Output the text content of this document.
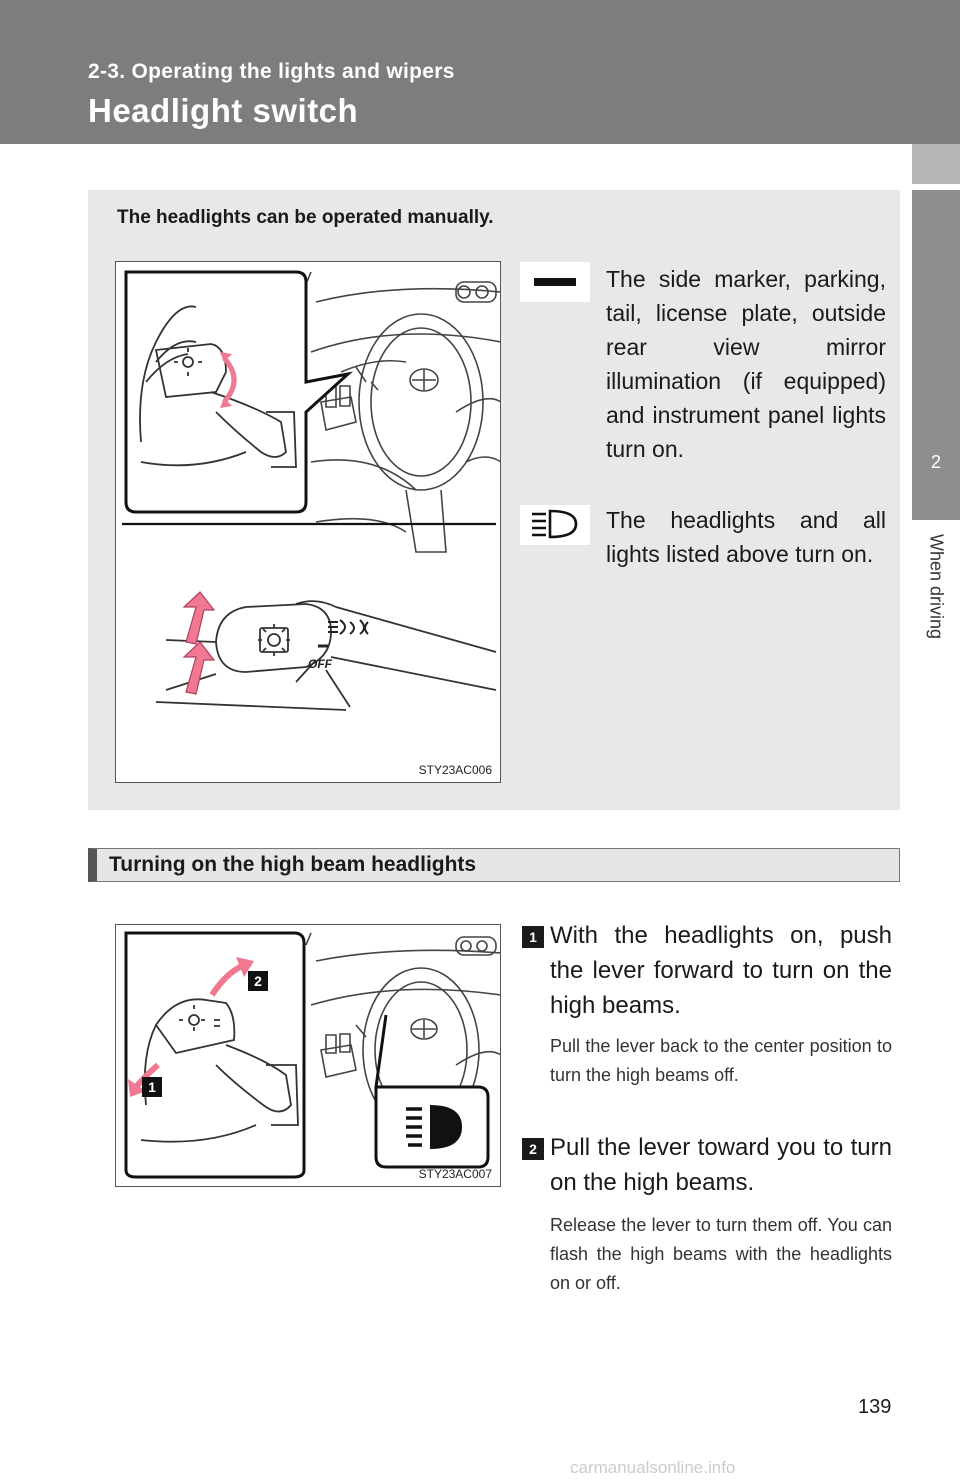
2-3. Operating the lights and wipers
Headlight switch
2
When driving
The headlights can be operated manually.
OFF
STY23AC006
The side marker, parking, tail, license plate, outside rear view mirror illumination (if equipped) and instrument panel lights turn on.
The headlights and all lights listed above turn on.
Turning on the high beam headlights
2
1
STY23AC007
1 With the headlights on, push the lever forward to turn on the high beams.
Pull the lever back to the center position to turn the high beams off.
2 Pull the lever toward you to turn on the high beams.
Release the lever to turn them off. You can flash the high beams with the headlights on or off.
139
carmanualsonline.info
